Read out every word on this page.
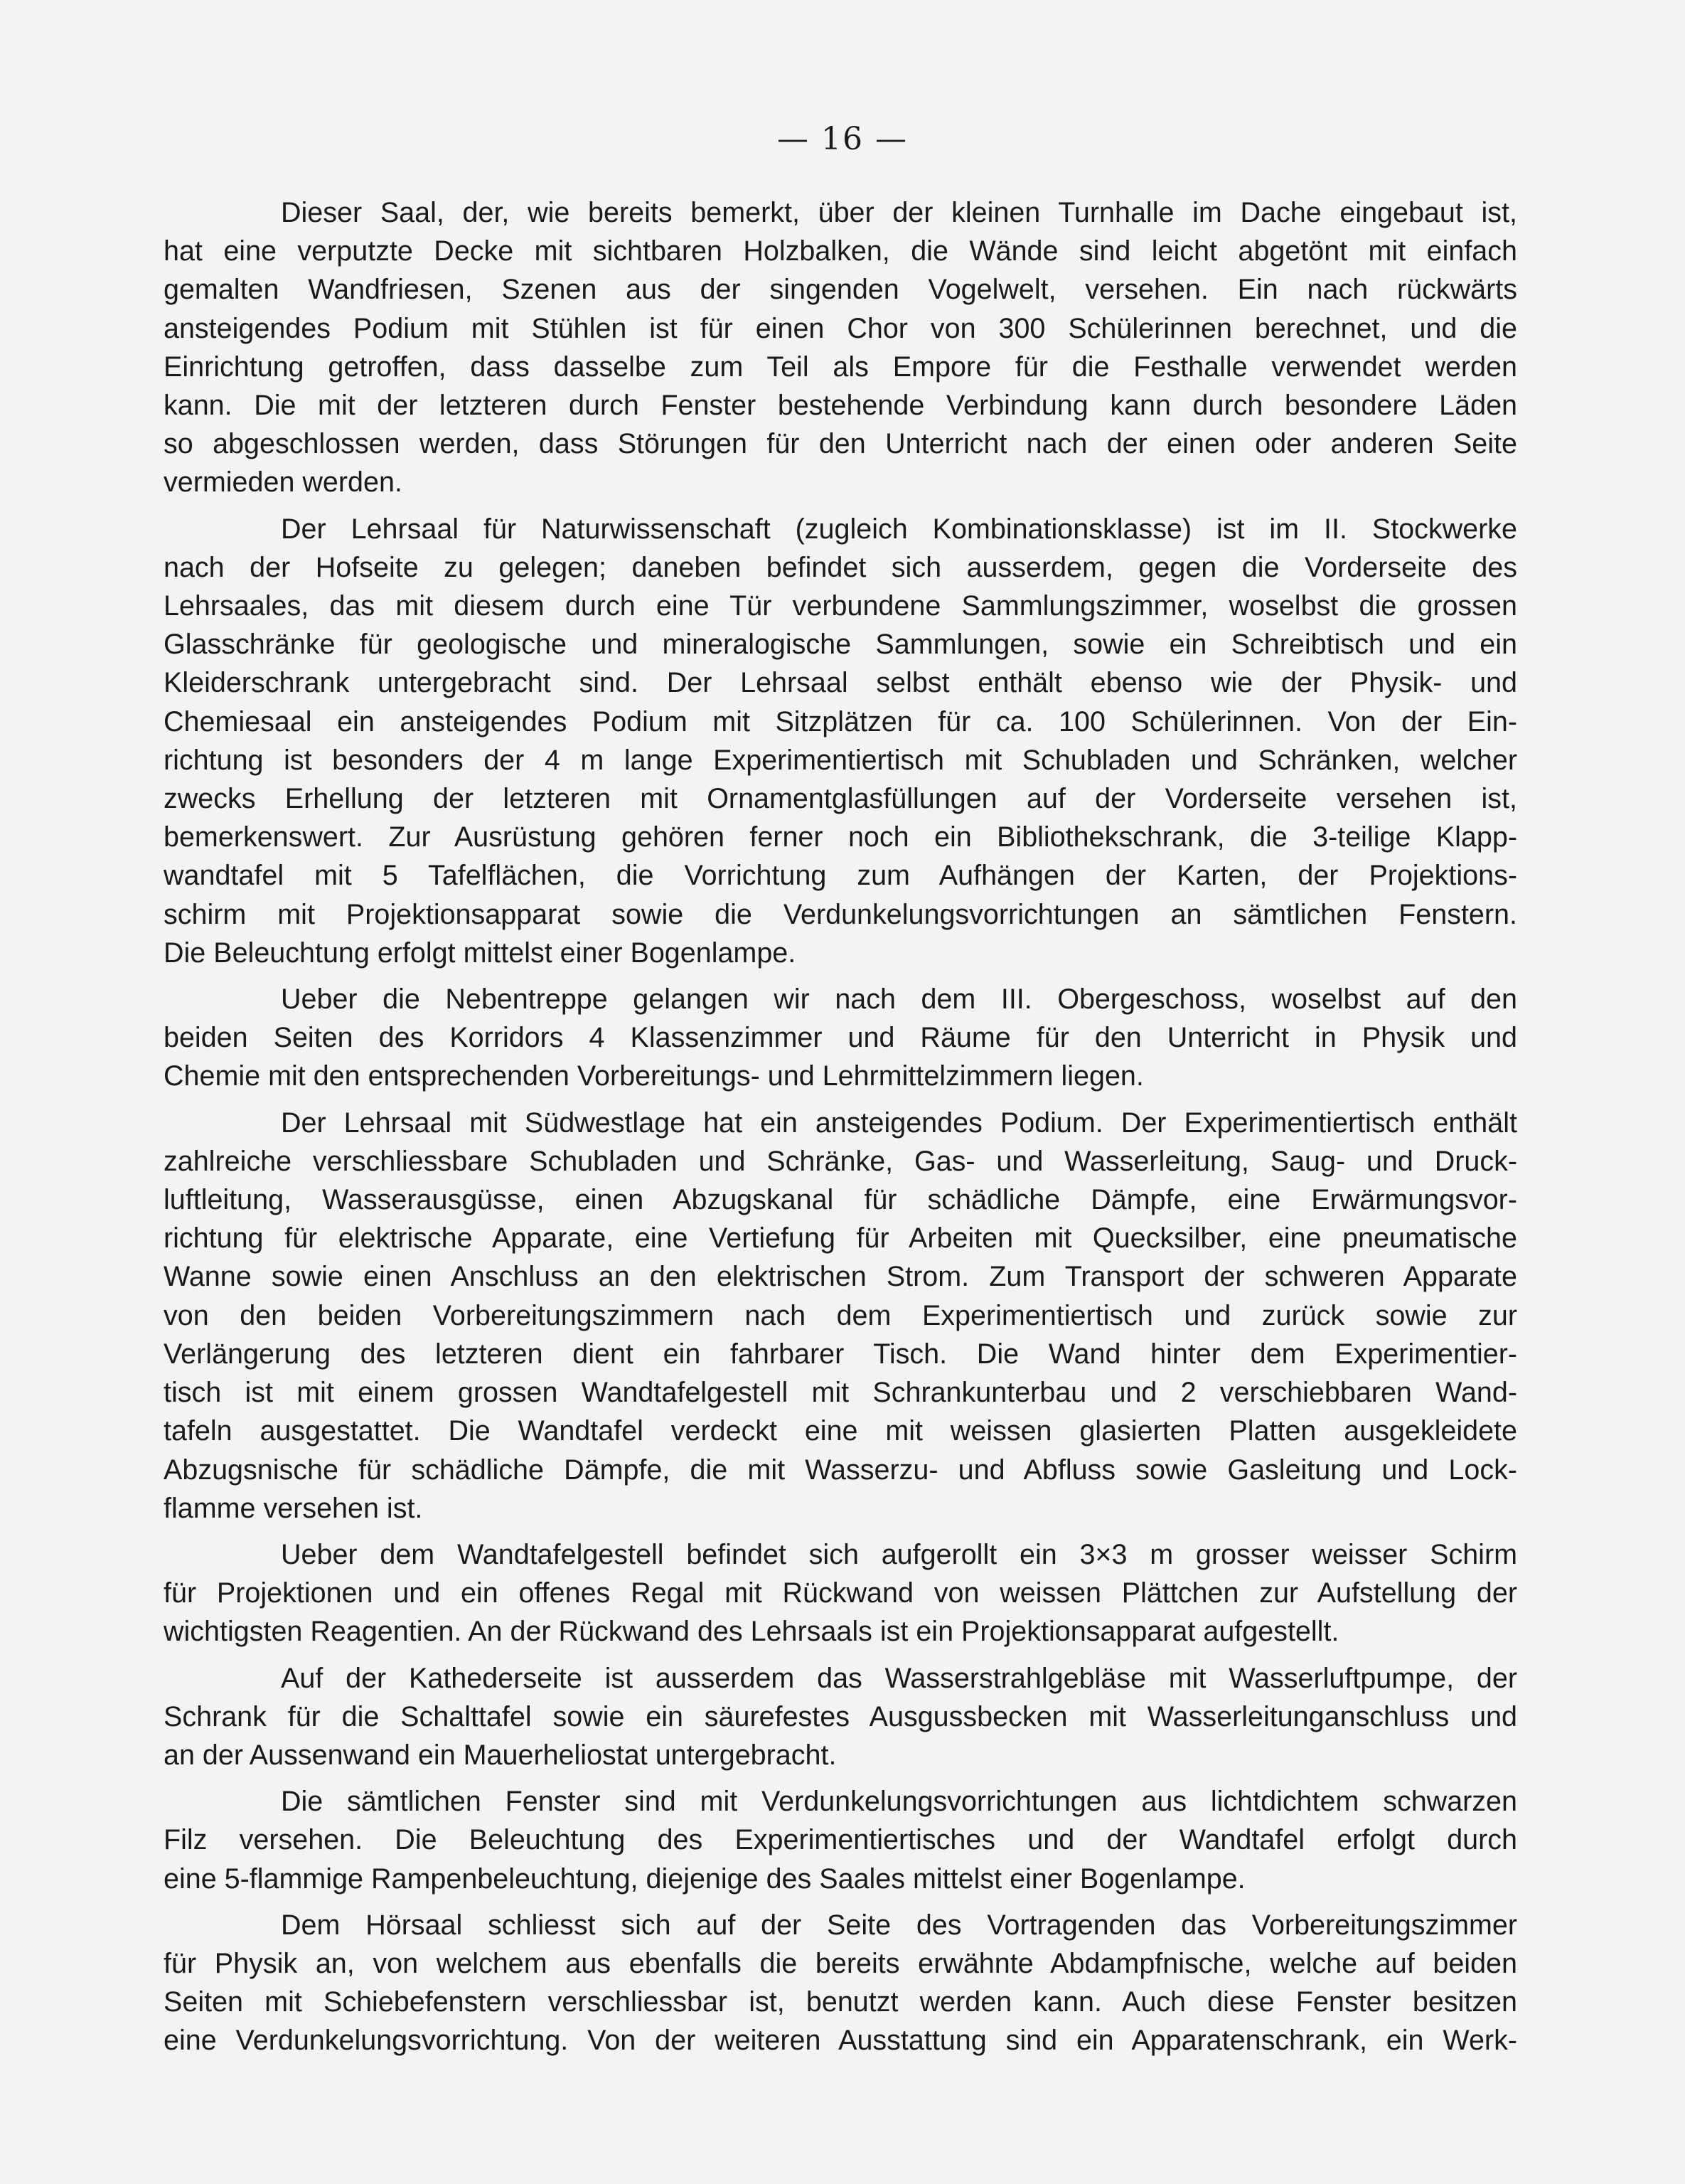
— 16 —
Dieser Saal, der, wie bereits bemerkt, über der kleinen Turnhalle im Dache eingebaut ist,
hat eine verputzte Decke mit sichtbaren Holzbalken, die Wände sind leicht abgetönt mit einfach
gemalten Wandfriesen, Szenen aus der singenden Vogelwelt, versehen. Ein nach rückwärts
ansteigendes Podium mit Stühlen ist für einen Chor von 300 Schülerinnen berechnet, und die
Einrichtung getroffen, dass dasselbe zum Teil als Empore für die Festhalle verwendet werden
kann. Die mit der letzteren durch Fenster bestehende Verbindung kann durch besondere Läden
so abgeschlossen werden, dass Störungen für den Unterricht nach der einen oder anderen Seite
vermieden werden.
Der Lehrsaal für Naturwissenschaft (zugleich Kombinationsklasse) ist im II. Stockwerke
nach der Hofseite zu gelegen; daneben befindet sich ausserdem, gegen die Vorderseite des
Lehrsaales, das mit diesem durch eine Tür verbundene Sammlungszimmer, woselbst die grossen
Glasschränke für geologische und mineralogische Sammlungen, sowie ein Schreibtisch und ein
Kleiderschrank untergebracht sind. Der Lehrsaal selbst enthält ebenso wie der Physik- und
Chemiesaal ein ansteigendes Podium mit Sitzplätzen für ca. 100 Schülerinnen. Von der Ein-
richtung ist besonders der 4 m lange Experimentiertisch mit Schubladen und Schränken, welcher
zwecks Erhellung der letzteren mit Ornamentglasfüllungen auf der Vorderseite versehen ist,
bemerkenswert. Zur Ausrüstung gehören ferner noch ein Bibliothekschrank, die 3-teilige Klapp-
wandtafel mit 5 Tafelflächen, die Vorrichtung zum Aufhängen der Karten, der Projektions-
schirm mit Projektionsapparat sowie die Verdunkelungsvorrichtungen an sämtlichen Fenstern.
Die Beleuchtung erfolgt mittelst einer Bogenlampe.
Ueber die Nebentreppe gelangen wir nach dem III. Obergeschoss, woselbst auf den
beiden Seiten des Korridors 4 Klassenzimmer und Räume für den Unterricht in Physik und
Chemie mit den entsprechenden Vorbereitungs- und Lehrmittelzimmern liegen.
Der Lehrsaal mit Südwestlage hat ein ansteigendes Podium. Der Experimentiertisch enthält
zahlreiche verschliessbare Schubladen und Schränke, Gas- und Wasserleitung, Saug- und Druck-
luftleitung, Wasserausgüsse, einen Abzugskanal für schädliche Dämpfe, eine Erwärmungsvor-
richtung für elektrische Apparate, eine Vertiefung für Arbeiten mit Quecksilber, eine pneumatische
Wanne sowie einen Anschluss an den elektrischen Strom. Zum Transport der schweren Apparate
von den beiden Vorbereitungszimmern nach dem Experimentiertisch und zurück sowie zur
Verlängerung des letzteren dient ein fahrbarer Tisch. Die Wand hinter dem Experimentier-
tisch ist mit einem grossen Wandtafelgestell mit Schrankunterbau und 2 verschiebbaren Wand-
tafeln ausgestattet. Die Wandtafel verdeckt eine mit weissen glasierten Platten ausgekleidete
Abzugsnische für schädliche Dämpfe, die mit Wasserzu- und Abfluss sowie Gasleitung und Lock-
flamme versehen ist.
Ueber dem Wandtafelgestell befindet sich aufgerollt ein 3×3 m grosser weisser Schirm
für Projektionen und ein offenes Regal mit Rückwand von weissen Plättchen zur Aufstellung der
wichtigsten Reagentien. An der Rückwand des Lehrsaals ist ein Projektionsapparat aufgestellt.
Auf der Kathederseite ist ausserdem das Wasserstrahlgebläse mit Wasserluftpumpe, der
Schrank für die Schalttafel sowie ein säurefestes Ausgussbecken mit Wasserleitunganschluss und
an der Aussenwand ein Mauerheliostat untergebracht.
Die sämtlichen Fenster sind mit Verdunkelungsvorrichtungen aus lichtdichtem schwarzen
Filz versehen. Die Beleuchtung des Experimentiertisches und der Wandtafel erfolgt durch
eine 5-flammige Rampenbeleuchtung, diejenige des Saales mittelst einer Bogenlampe.
Dem Hörsaal schliesst sich auf der Seite des Vortragenden das Vorbereitungszimmer
für Physik an, von welchem aus ebenfalls die bereits erwähnte Abdampfnische, welche auf beiden
Seiten mit Schiebefenstern verschliessbar ist, benutzt werden kann. Auch diese Fenster besitzen
eine Verdunkelungsvorrichtung. Von der weiteren Ausstattung sind ein Apparatenschrank, ein Werk-
